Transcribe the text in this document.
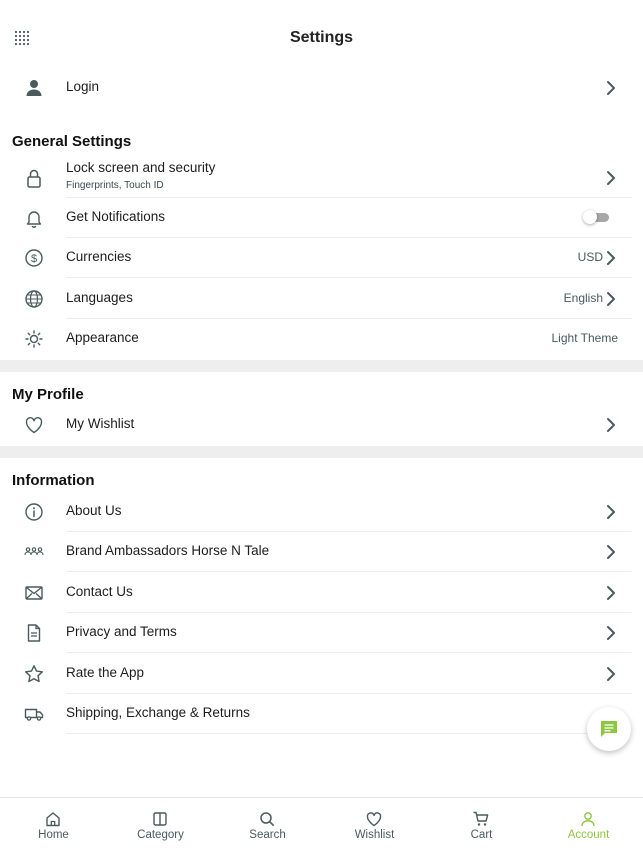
Settings
Login
General Settings
Lock screen and security
Fingerprints, Touch ID
Get Notifications
$ Currencies	USD
Languages	English
Appearance	Light Theme
My Profile
My Wishlist
Information
About Us
Brand Ambassadors Horse N Tale
Contact Us
Privacy and Terms
Rate the App
Shipping, Exchange & Returns
Home	Category	Search	Wishlist	Cart	Account
